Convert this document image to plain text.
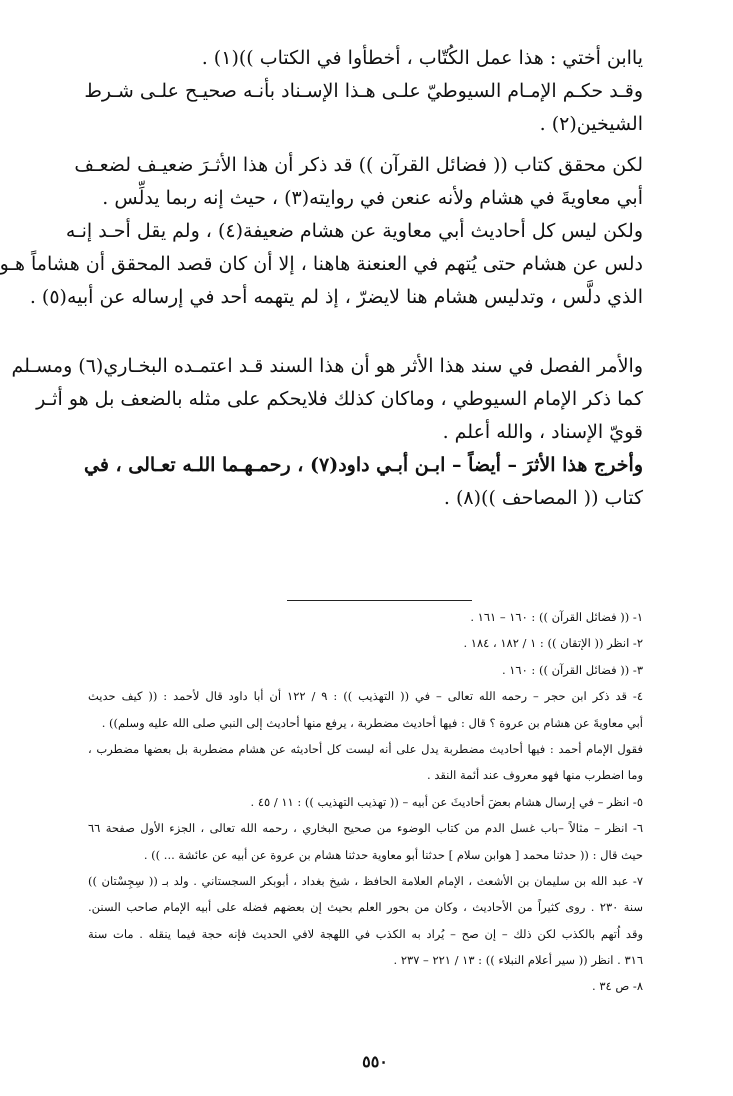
ياابن أختي : هذا عمل الكُتّاب ، أخطأوا في الكتاب ))(١) .
وقـد حكـم الإمـام السيوطيّ علـى هـذا الإسـناد بأنـه صحيـح علـى شـرط
الشيخين(٢) .
لكن محقق كتاب (( فضائل القرآن )) قد ذكر أن هذا الأثـرَ ضعيـف لضعـف
أبي معاويةَ في هشام ولأنه عنعن في روايته(٣) ، حيث إنه ربما يدلِّس .
ولكن ليس كل أحاديث أبي معاوية عن هشام ضعيفة(٤) ، ولم يقل أحـد إنـه
دلس عن هشام حتى يُتهم في العنعنة هاهنا ، إلا أن كان قصد المحقق أن هشاماً هـو
الذي دلَّس ، وتدليس هشام هنا لايضرّ ، إذ لم يتهمه أحد في إرساله عن أبيه(٥) .
والأمر الفصل في سند هذا الأثر هو أن هذا السند قـد اعتمـده البخـاري(٦) ومسـلم
كما ذكر الإمام السيوطي ، وماكان كذلك فلايحكم على مثله بالضعف بل هو أثـر
قويّ الإسناد ، والله أعلم .
وأخرج هذا الأثرَ – أيضاً – ابـن أبـي داود(٧) ، رحمـهـما اللـه تعـالى ، في
كتاب (( المصاحف ))(٨) .
١- (( فضائل القرآن )) : ١٦٠ – ١٦١ .
٢- انظر (( الإتقان )) : ١ / ١٨٢ ، ١٨٤ .
٣- (( فضائل القرآن )) : ١٦٠ .
٤- قد ذكر ابن حجر – رحمه الله تعالى – في (( التهذيب )) : ٩ / ١٢٢ أن أبا داود قال لأحمد : (( كيف حديث
أبي معاويةَ عن هشام بن عروة ؟ قال : فيها أحاديث مضطربة ، يرفع منها أحاديث إلى النبي صلى الله عليه وسلم)) .
فقول الإمام أحمد : فيها أحاديث مضطربة يدل على أنه ليست كل أحاديثه عن هشام مضطربة بل بعضها مضطرب ،
وما اضطرب منها فهو معروف عند أئمة النقد .
٥- انظر – في إرسال هشام بعضَ أحاديثَ عن أبيه – (( تهذيب التهذيب )) : ١١ / ٤٥ .
٦- انظر – مثالاً –باب غسل الدم من كتاب الوضوء من صحيح البخاري ، رحمه الله تعالى ، الجزء الأول صفحة ٦٦
حيث قال : (( حدثنا محمد [ هوابن سلام ] حدثنا أبو معاوية حدثنا هشام بن عروة عن أبيه عن عائشة ... )) .
٧- عبد الله بن سليمان بن الأشعث ، الإمام العلامة الحافظ ، شيخ بغداد ، أبوبكر السجستاني . ولد بـ (( سِجِسْتان ))
سنة ٢٣٠ . روى كثيراً من الأحاديث ، وكان من بحور العلم بحيث إن بعضهم فضله على أبيه الإمام صاحب السنن.
وقد اُتهم بالكذب لكن ذلك – إن صح – يُراد به الكذب في اللهجة لافي الحديث فإنه حجة فيما ينقله . مات سنة
٣١٦ . انظر (( سير أعلام النبلاء )) : ١٣ / ٢٢١ – ٢٣٧ .
٨- ص ٣٤ .
٥٥٠
